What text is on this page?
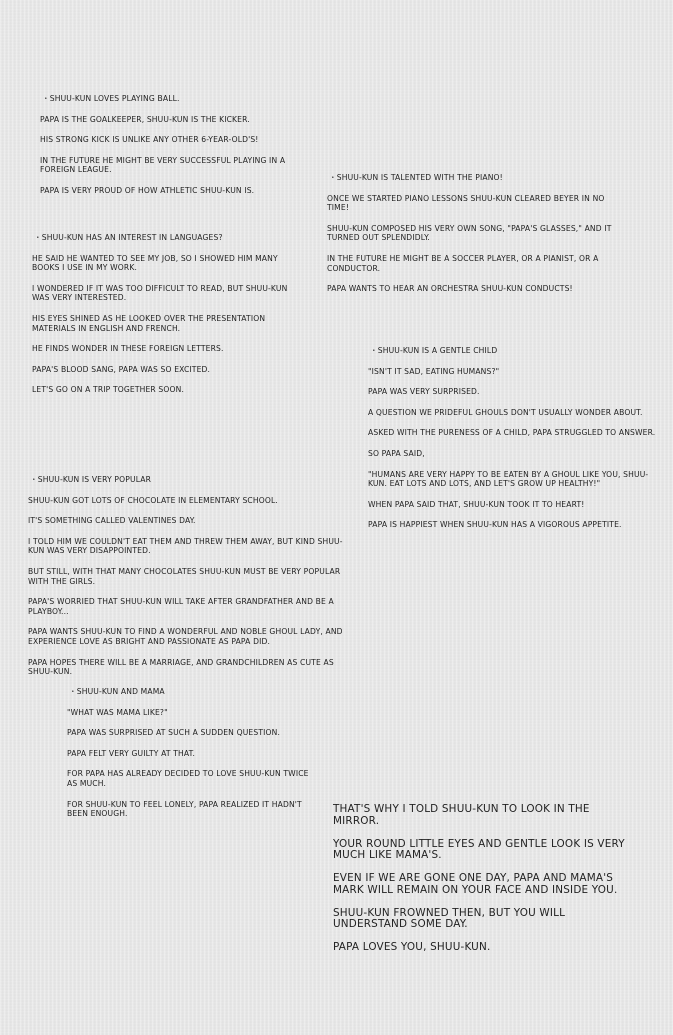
・SHUU-KUN LOVES PLAYING BALL.

PAPA IS THE GOALKEEPER, SHUU-KUN IS THE KICKER.

HIS STRONG KICK IS UNLIKE ANY OTHER 6-YEAR-OLD'S!

IN THE FUTURE HE MIGHT BE VERY SUCCESSFUL PLAYING IN A FOREIGN LEAGUE.

PAPA IS VERY PROUD OF HOW ATHLETIC SHUU-KUN IS.

・SHUU-KUN IS TALENTED WITH THE PIANO!

ONCE WE STARTED PIANO LESSONS SHUU-KUN CLEARED BEYER IN NO TIME!

SHUU-KUN COMPOSED HIS VERY OWN SONG, "PAPA'S GLASSES," AND IT TURNED OUT SPLENDIDLY.

IN THE FUTURE HE MIGHT BE A SOCCER PLAYER, OR A PIANIST, OR A CONDUCTOR.

PAPA WANTS TO HEAR AN ORCHESTRA SHUU-KUN CONDUCTS!

・SHUU-KUN HAS AN INTEREST IN LANGUAGES?

HE SAID HE WANTED TO SEE MY JOB, SO I SHOWED HIM MANY BOOKS I USE IN MY WORK.

I WONDERED IF IT WAS TOO DIFFICULT TO READ, BUT SHUU-KUN WAS VERY INTERESTED.

HIS EYES SHINED AS HE LOOKED OVER THE PRESENTATION MATERIALS IN ENGLISH AND FRENCH.

HE FINDS WONDER IN THESE FOREIGN LETTERS.

PAPA'S BLOOD SANG, PAPA WAS SO EXCITED.

LET'S GO ON A TRIP TOGETHER SOON.

・SHUU-KUN IS A GENTLE CHILD

"ISN'T IT SAD, EATING HUMANS?"

PAPA WAS VERY SURPRISED.

A QUESTION WE PRIDEFUL GHOULS DON'T USUALLY WONDER ABOUT.

ASKED WITH THE PURENESS OF A CHILD, PAPA STRUGGLED TO ANSWER.

SO PAPA SAID,

"HUMANS ARE VERY HAPPY TO BE EATEN BY A GHOUL LIKE YOU, SHUU-KUN. EAT LOTS AND LOTS, AND LET'S GROW UP HEALTHY!"

WHEN PAPA SAID THAT, SHUU-KUN TOOK IT TO HEART!

PAPA IS HAPPIEST WHEN SHUU-KUN HAS A VIGOROUS APPETITE.

・SHUU-KUN IS VERY POPULAR

SHUU-KUN GOT LOTS OF CHOCOLATE IN ELEMENTARY SCHOOL.

IT'S SOMETHING CALLED VALENTINES DAY.

I TOLD HIM WE COULDN'T EAT THEM AND THREW THEM AWAY, BUT KIND SHUU-KUN WAS VERY DISAPPOINTED.

BUT STILL, WITH THAT MANY CHOCOLATES SHUU-KUN MUST BE VERY POPULAR WITH THE GIRLS.

PAPA'S WORRIED THAT SHUU-KUN WILL TAKE AFTER GRANDFATHER AND BE A PLAYBOY...

PAPA WANTS SHUU-KUN TO FIND A WONDERFUL AND NOBLE GHOUL LADY, AND EXPERIENCE LOVE AS BRIGHT AND PASSIONATE AS PAPA DID.

PAPA HOPES THERE WILL BE A MARRIAGE, AND GRANDCHILDREN AS CUTE AS SHUU-KUN.

・SHUU-KUN AND MAMA

"WHAT WAS MAMA LIKE?"

PAPA WAS SURPRISED AT SUCH A SUDDEN QUESTION.

PAPA FELT VERY GUILTY AT THAT.

FOR PAPA HAS ALREADY DECIDED TO LOVE SHUU-KUN TWICE AS MUCH.

FOR SHUU-KUN TO FEEL LONELY, PAPA REALIZED IT HADN'T BEEN ENOUGH.	THAT'S WHY I TOLD SHUU-KUN TO LOOK IN THE MIRROR.

YOUR ROUND LITTLE EYES AND GENTLE LOOK IS VERY MUCH LIKE MAMA'S.

EVEN IF WE ARE GONE ONE DAY, PAPA AND MAMA'S MARK WILL REMAIN ON YOUR FACE AND INSIDE YOU.

SHUU-KUN FROWNED THEN, BUT YOU WILL UNDERSTAND SOME DAY.

PAPA LOVES YOU, SHUU-KUN.
